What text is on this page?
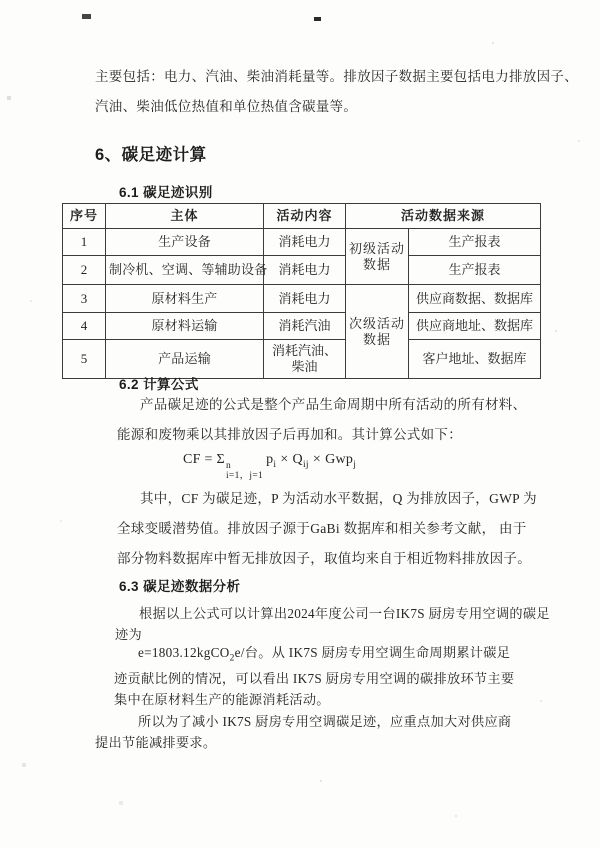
主要包括：电力、汽油、柴油消耗量等。排放因子数据主要包括电力排放因子、
汽油、柴油低位热值和单位热值含碳量等。
6、碳足迹计算
6.1 碳足迹识别
序号	主体	活动内容	活动数据来源	
1	生产设备	消耗电力	初级活动数据	生产报表
2	制冷机、空调、等辅助设备	消耗电力		生产报表
3	原材料生产	消耗电力	次级活动数据	供应商数据、数据库
4	原材料运输	消耗汽油		供应商地址、数据库
5	产品运输	消耗汽油、柴油		客户地址、数据库
6.2 计算公式
产品碳足迹的公式是整个产品生命周期中所有活动的所有材料、
能源和废物乘以其排放因子后再加和。其计算公式如下：
CF = Σ n
i=1，j=1
$p_i \times Q_{ij} \times Gwp_j$
其中，CF 为碳足迹，P 为活动水平数据，Q 为排放因子，GWP 为
全球变暖潜势值。排放因子源于GaBi 数据库和相关参考文献， 由于
部分物料数据库中暂无排放因子，取值均来自于相近物料排放因子。
6.3 碳足迹数据分析
根据以上公式可以计算出2024年度公司一台IK7S 厨房专用空调的碳足
迹为
e=1803.12kgCO$_2$e/台。从 IK7S 厨房专用空调生命周期累计碳足
迹贡献比例的情况，可以看出 IK7S 厨房专用空调的碳排放环节主要
集中在原材料生产的能源消耗活动。
所以为了减小 IK7S 厨房专用空调碳足迹，应重点加大对供应商
提出节能减排要求。
